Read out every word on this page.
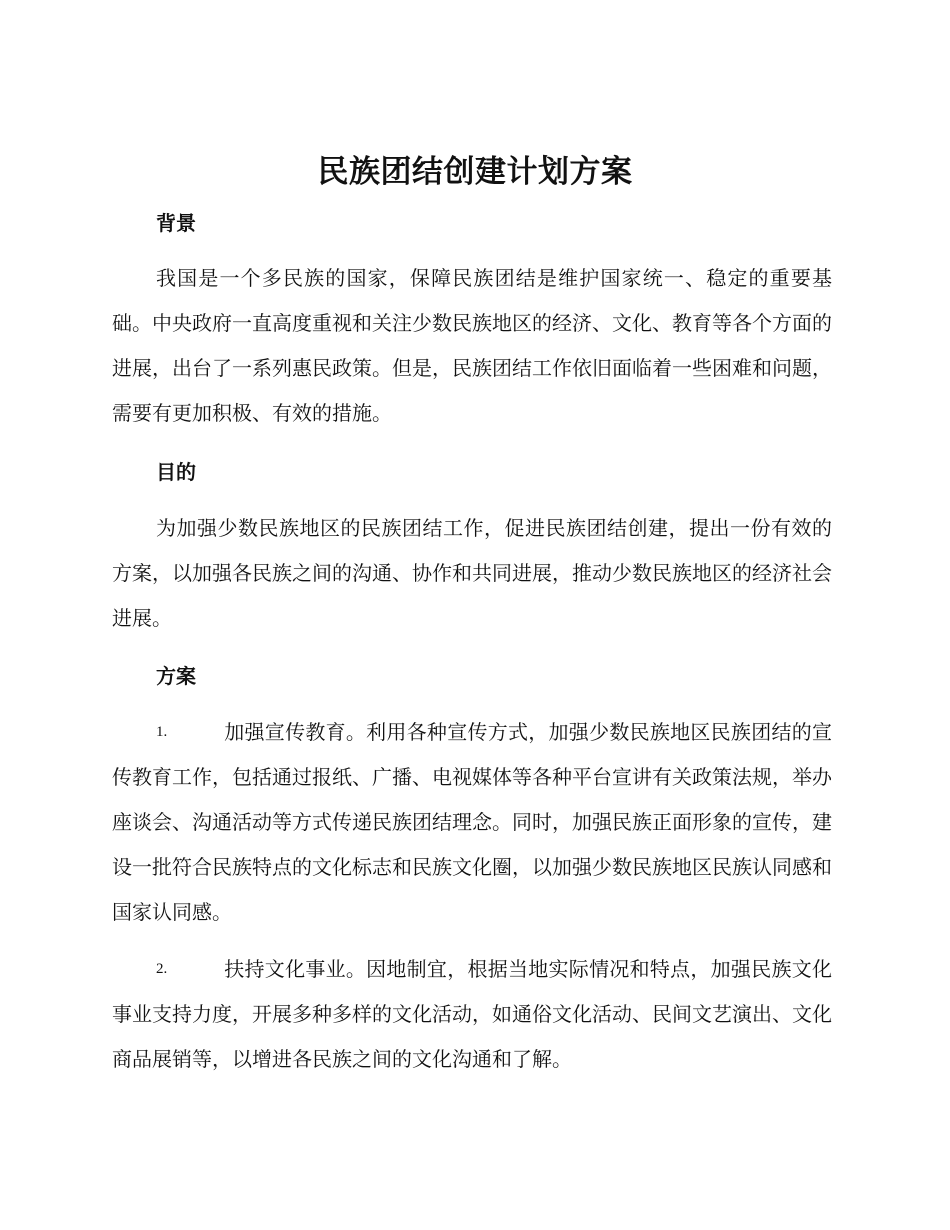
民族团结创建计划方案
背景

我国是一个多民族的国家，保障民族团结是维护国家统一、稳定的重要基础。中央政府一直高度重视和关注少数民族地区的经济、文化、教育等各个方面的进展，出台了一系列惠民政策。但是，民族团结工作依旧面临着一些困难和问题，需要有更加积极、有效的措施。

目的

为加强少数民族地区的民族团结工作，促进民族团结创建，提出一份有效的方案，以加强各民族之间的沟通、协作和共同进展，推动少数民族地区的经济社会进展。

方案

1.	加强宣传教育。利用各种宣传方式，加强少数民族地区民族团结的宣传教育工作，包括通过报纸、广播、电视媒体等各种平台宣讲有关政策法规，举办座谈会、沟通活动等方式传递民族团结理念。同时，加强民族正面形象的宣传，建设一批符合民族特点的文化标志和民族文化圈，以加强少数民族地区民族认同感和国家认同感。

2.	扶持文化事业。因地制宜，根据当地实际情况和特点，加强民族文化事业支持力度，开展多种多样的文化活动，如通俗文化活动、民间文艺演出、文化商品展销等，以增进各民族之间的文化沟通和了解。
